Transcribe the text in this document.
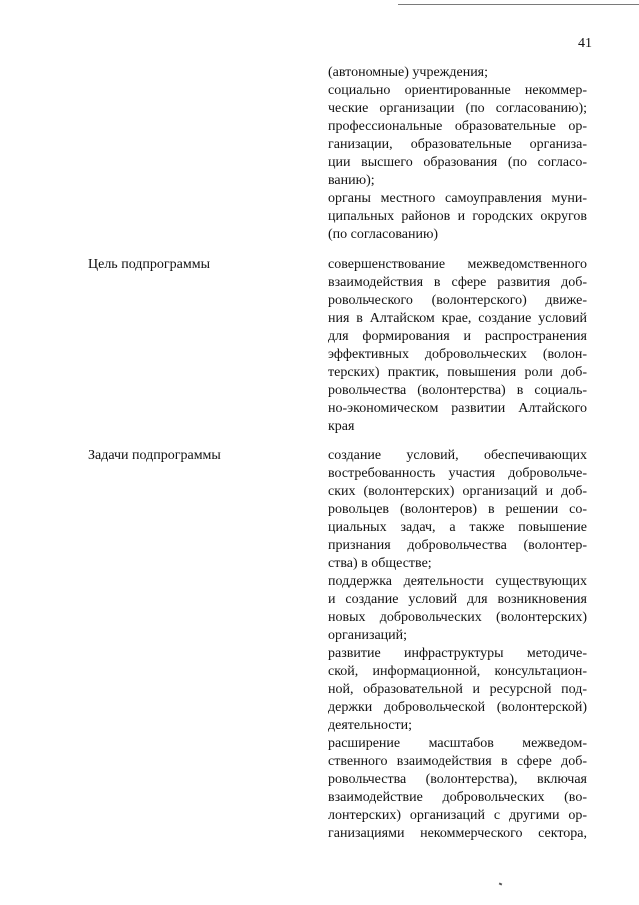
41
(автономные) учреждения;
социально ориентированные некоммер-
ческие организации (по согласованию);
профессиональные образовательные ор-
ганизации, образовательные организа-
ции высшего образования (по согласо-
ванию);
органы местного самоуправления муни-
ципальных районов и городских округов
(по согласованию)
Цель подпрограммы	совершенствование межведомственного
взаимодействия в сфере развития доб-
ровольческого (волонтерского) движе-
ния в Алтайском крае, создание условий
для формирования и распространения
эффективных добровольческих (волон-
терских) практик, повышения роли доб-
ровольчества (волонтерства) в социаль-
но-экономическом развитии Алтайского
края
Задачи подпрограммы	создание условий, обеспечивающих
востребованность участия добровольче-
ских (волонтерских) организаций и доб-
ровольцев (волонтеров) в решении со-
циальных задач, а также повышение
признания добровольчества (волонтер-
ства) в обществе;
поддержка деятельности существующих
и создание условий для возникновения
новых добровольческих (волонтерских)
организаций;
развитие инфраструктуры методиче-
ской, информационной, консультацион-
ной, образовательной и ресурсной под-
держки добровольческой (волонтерской)
деятельности;
расширение масштабов межведом-
ственного взаимодействия в сфере доб-
ровольчества (волонтерства), включая
взаимодействие добровольческих (во-
лонтерских) организаций с другими ор-
ганизациями некоммерческого сектора,
